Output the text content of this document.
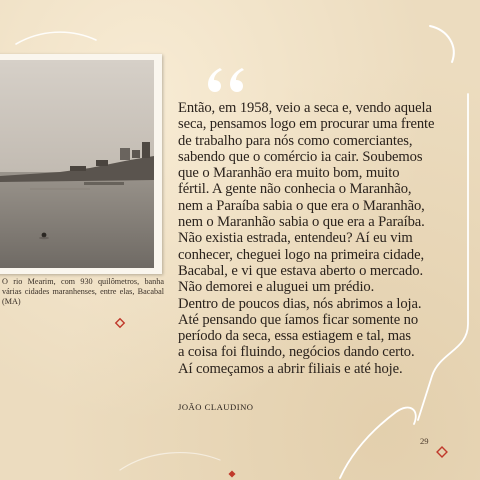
O rio Mearim, com 930 quilômetros, banha várias cidades maranhenses, entre elas, Bacabal (MA)
Então, em 1958, veio a seca e, vendo aquela
seca, pensamos logo em procurar uma frente
de trabalho para nós como comerciantes,
sabendo que o comércio ia cair. Soubemos
que o Maranhão era muito bom, muito
fértil. A gente não conhecia o Maranhão,
nem a Paraíba sabia o que era o Maranhão,
nem o Maranhão sabia o que era a Paraíba.
Não existia estrada, entendeu? Aí eu vim
conhecer, cheguei logo na primeira cidade,
Bacabal, e vi que estava aberto o mercado.
Não demorei e aluguei um prédio.
Dentro de poucos dias, nós abrimos a loja.
Até pensando que íamos ficar somente no
período da seca, essa estiagem e tal, mas
a coisa foi fluindo, negócios dando certo.
Aí começamos a abrir filiais e até hoje.
JOÃO CLAUDINO
29
